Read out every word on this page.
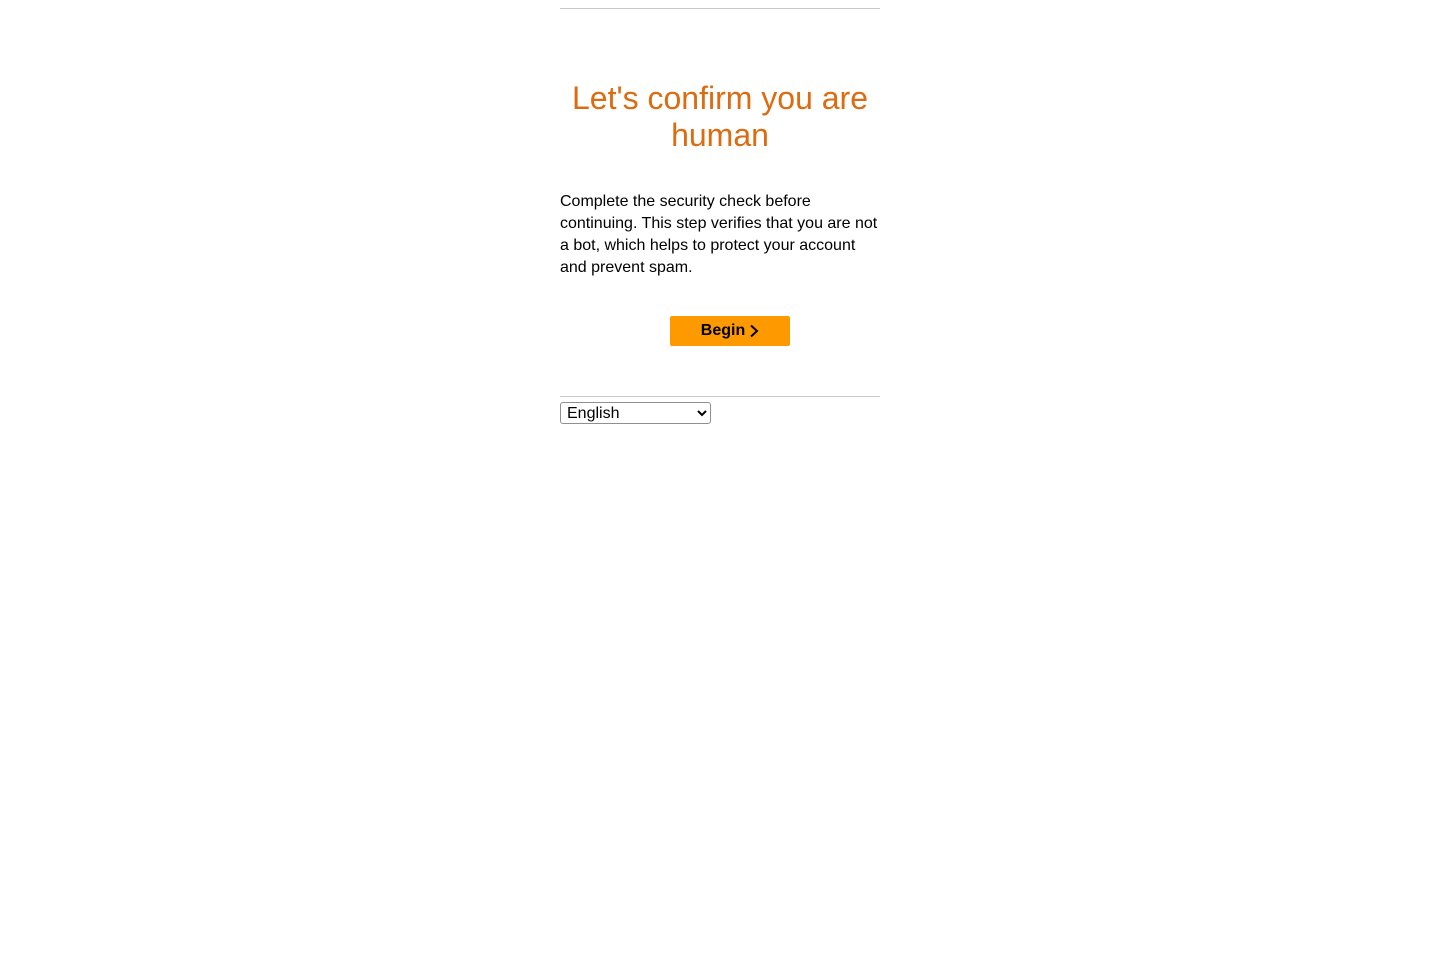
Let's confirm you are human

Complete the security check before continuing. This step verifies that you are not a bot, which helps to protect your account and prevent spam.

Begin
English
